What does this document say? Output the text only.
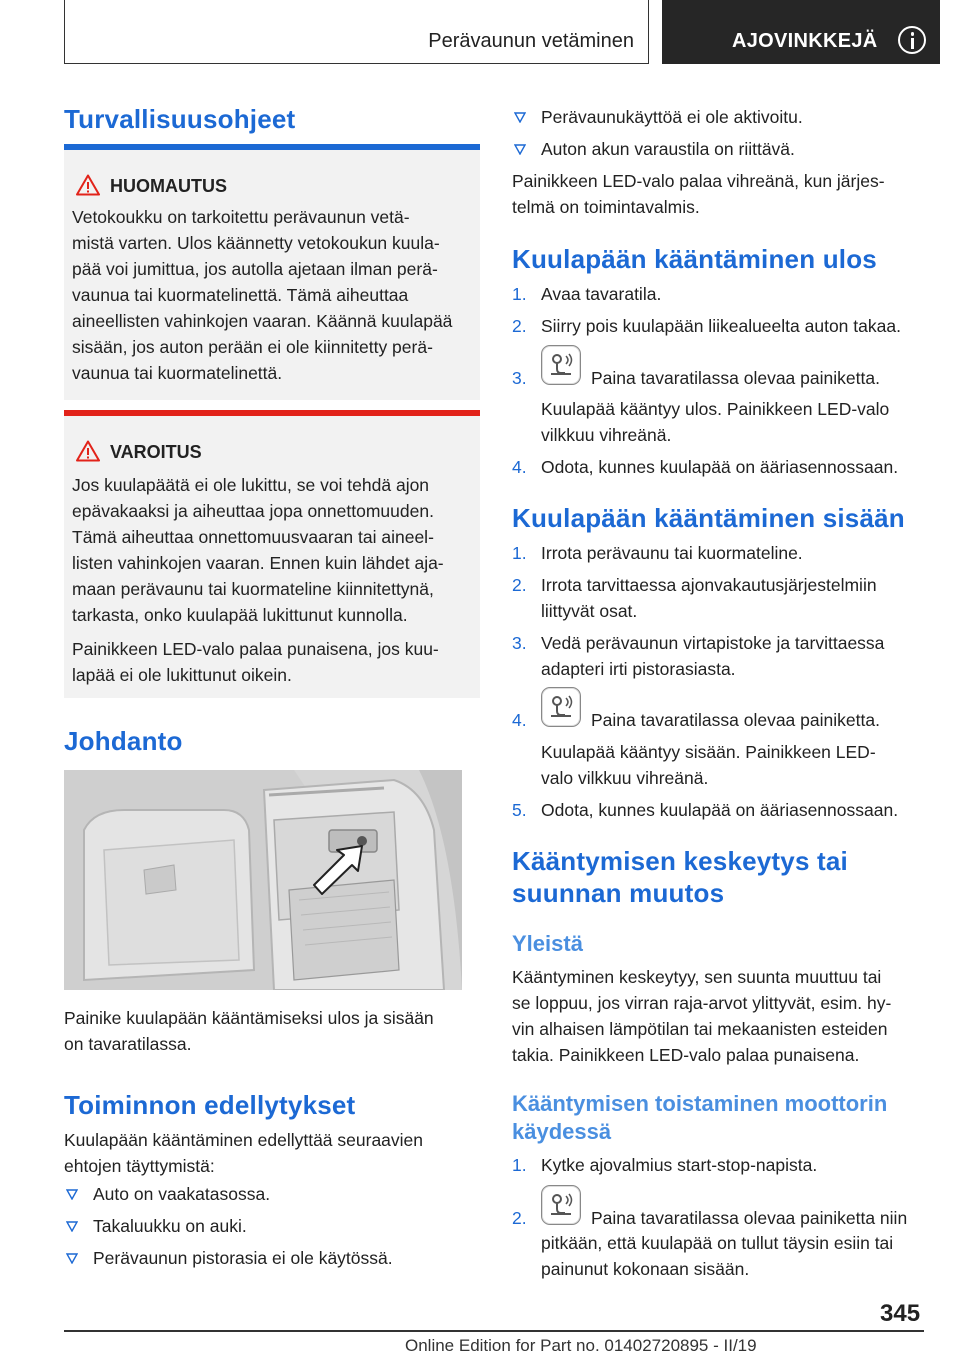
Perävaunun vetäminen	AJOVINKKEJÄ
Turvallisuusohjeet
HUOMAUTUS
Vetokoukku on tarkoitettu perävaunun vetä-
mistä varten. Ulos käännetty vetokoukun kuula-
pää voi jumittua, jos autolla ajetaan ilman perä-
vaunua tai kuormatelinettä. Tämä aiheuttaa
aineellisten vahinkojen vaaran. Käännä kuulapää
sisään, jos auton perään ei ole kiinnitetty perä-
vaunua tai kuormatelinettä.
VAROITUS
Jos kuulapäätä ei ole lukittu, se voi tehdä ajon
epävakaaksi ja aiheuttaa jopa onnettomuuden.
Tämä aiheuttaa onnettomuusvaaran tai aineel-
listen vahinkojen vaaran. Ennen kuin lähdet aja-
maan perävaunu tai kuormateline kiinnitettynä,
tarkasta, onko kuulapää lukittunut kunnolla.
Painikkeen LED-valo palaa punaisena, jos kuu-
lapää ei ole lukittunut oikein.
Johdanto
Painike kuulapään kääntämiseksi ulos ja sisään
on tavaratilassa.
Toiminnon edellytykset
Kuulapään kääntäminen edellyttää seuraavien
ehtojen täyttymistä:
Auto on vaakatasossa.
Takaluukku on auki.
Perävaunun pistorasia ei ole käytössä.
Perävaunukäyttöä ei ole aktivoitu.
Auton akun varaustila on riittävä.
Painikkeen LED-valo palaa vihreänä, kun järjes-
telmä on toimintavalmis.
Kuulapään kääntäminen ulos
1. Avaa tavaratila.
2. Siirry pois kuulapään liikealueelta auton takaa.
3.	Paina tavaratilassa olevaa painiketta.
Kuulapää kääntyy ulos. Painikkeen LED-valo
vilkkuu vihreänä.
4. Odota, kunnes kuulapää on ääriasennossaan.
Kuulapään kääntäminen sisään
1. Irrota perävaunu tai kuormateline.
2. Irrota tarvittaessa ajonvakautusjärjestelmiin
liittyvät osat.
3. Vedä perävaunun virtapistoke ja tarvittaessa
adapteri irti pistorasiasta.
4.	Paina tavaratilassa olevaa painiketta.
Kuulapää kääntyy sisään. Painikkeen LED-
valo vilkkuu vihreänä.
5. Odota, kunnes kuulapää on ääriasennossaan.
Kääntymisen keskeytys tai
suunnan muutos
Yleistä
Kääntyminen keskeytyy, sen suunta muuttuu tai
se loppuu, jos virran raja-arvot ylittyvät, esim. hy-
vin alhaisen lämpötilan tai mekaanisten esteiden
takia. Painikkeen LED-valo palaa punaisena.
Kääntymisen toistaminen moottorin
käydessä
1. Kytke ajovalmius start-stop-napista.
2.	Paina tavaratilassa olevaa painiketta niin
pitkään, että kuulapää on tullut täysin esiin tai
painunut kokonaan sisään.
345
Online Edition for Part no. 01402720895 - II/19
